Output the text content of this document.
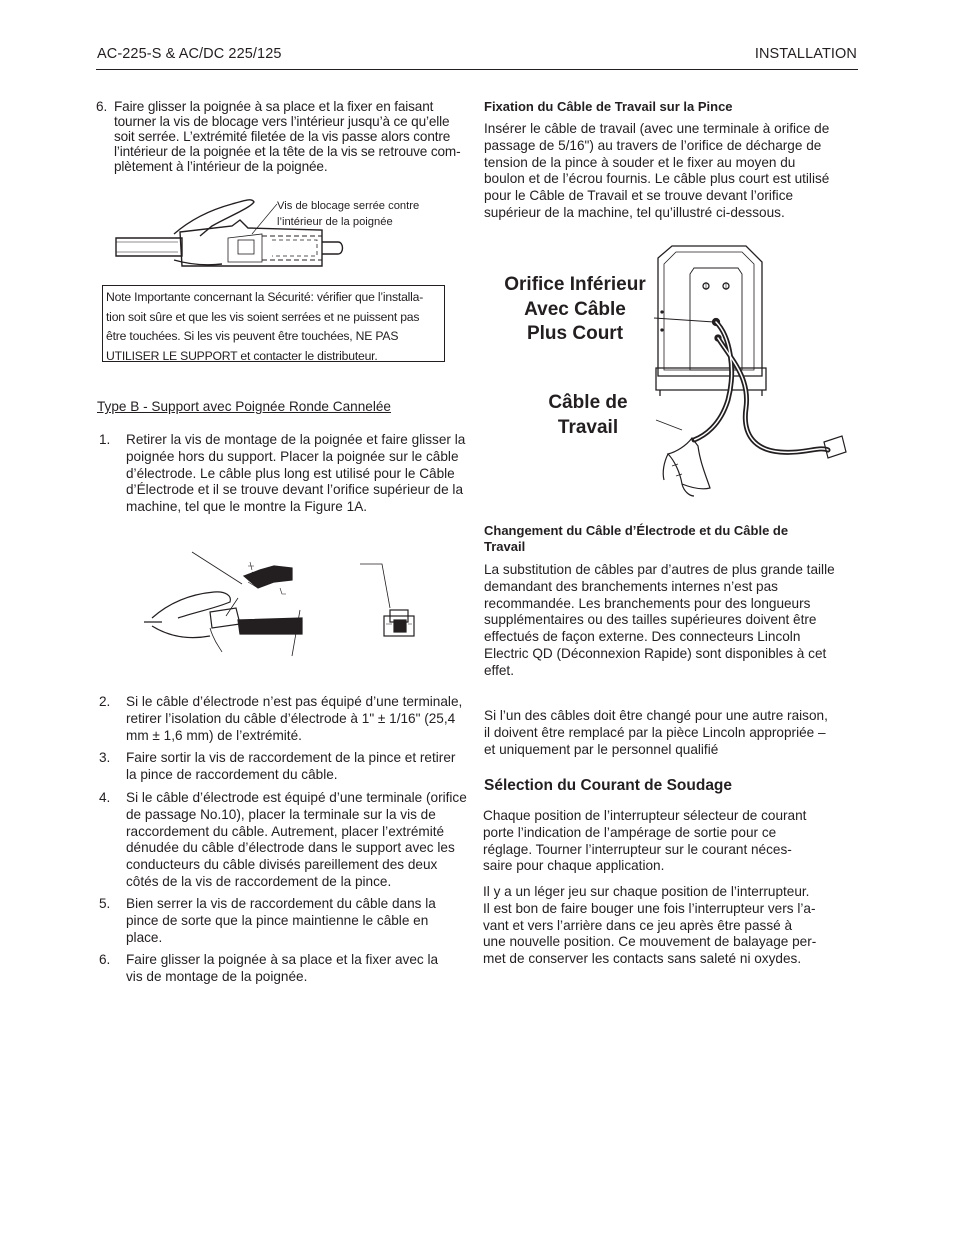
AC-225-S & AC/DC 225/125	INSTALLATION
6. Faire glisser la poignée à sa place et la fixer en faisant
tourner la vis de blocage vers l’intérieur jusqu’à ce qu’elle
soit serrée. L’extrémité filetée de la vis passe alors contre
l’intérieur de la poignée et la tête de la vis se retrouve com-
plètement à l’intérieur de la poignée.
Vis de blocage serrée contre
l’intérieur de la poignée
Note Importante concernant la Sécurité: vérifier que l’installa-
tion soit sûre et que les vis soient serrées et ne puissent pas
être touchées. Si les vis peuvent être touchées, NE PAS
UTILISER LE SUPPORT et contacter le distributeur.
Type B - Support avec Poignée Ronde Cannelée
1. Retirer la vis de montage de la poignée et faire glisser la
poignée hors du support. Placer la poignée sur le câble
d’électrode. Le câble plus long est utilisé pour le Câble
d’Électrode et il se trouve devant l’orifice supérieur de la
machine, tel que le montre la Figure 1A.
2. Si le câble d’électrode n’est pas équipé d’une terminale,
retirer l’isolation du câble d’électrode à 1" ± 1/16" (25,4
mm ± 1,6 mm) de l’extrémité.
3. Faire sortir la vis de raccordement de la pince et retirer
la pince de raccordement du câble.
4. Si le câble d’électrode est équipé d’une terminale (orifice
de passage No.10), placer la terminale sur la vis de
raccordement du câble. Autrement, placer l’extrémité
dénudée du câble d’électrode dans le support avec les
conducteurs du câble divisés pareillement des deux
côtés de la vis de raccordement de la pince.
5. Bien serrer la vis de raccordement du câble dans la
pince de sorte que la pince maintienne le câble en
place.
6. Faire glisser la poignée à sa place et la fixer avec la
vis de montage de la poignée.
Fixation du Câble de Travail sur la Pince
Insérer le câble de travail (avec une terminale à orifice de
passage de 5/16") au travers de l’orifice de décharge de
tension de la pince à souder et le fixer au moyen du
boulon et de l’écrou fournis. Le câble plus court est utilisé
pour le Câble de Travail et se trouve devant l’orifice
supérieur de la machine, tel qu’illustré ci-dessous.
Orifice Inférieur
Avec Câble
Plus Court
Câble de
Travail
Changement du Câble d’Électrode et du Câble de
Travail
La substitution de câbles par d’autres de plus grande taille
demandant des branchements internes n’est pas
recommandée. Les branchements pour des longueurs
supplémentaires ou des tailles supérieures doivent être
effectués de façon externe. Des connecteurs Lincoln
Electric QD (Déconnexion Rapide) sont disponibles à cet
effet.
Si l’un des câbles doit être changé pour une autre raison,
il doivent être remplacé par la pièce Lincoln appropriée –
et uniquement par le personnel qualifié
Sélection du Courant de Soudage
Chaque position de l’interrupteur sélecteur de courant
porte l’indication de l’ampérage de sortie pour ce
réglage. Tourner l’interrupteur sur le courant néces-
saire pour chaque application.
Il y a un léger jeu sur chaque position de l’interrupteur.
Il est bon de faire bouger une fois l’interrupteur vers l’a-
vant et vers l’arrière dans ce jeu après être passé à
une nouvelle position. Ce mouvement de balayage per-
met de conserver les contacts sans saleté ni oxydes.
